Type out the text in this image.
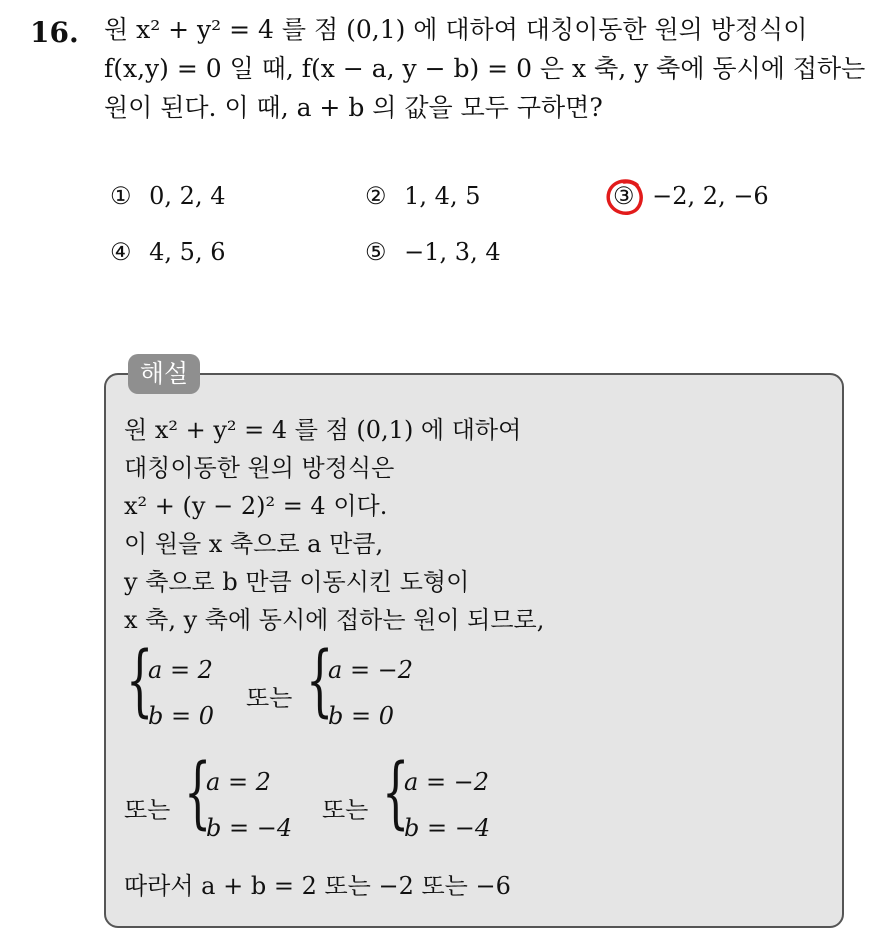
16. 원 x² + y² = 4 를 점 (0,1) 에 대하여 대칭이동한 원의 방정식이
f(x,y) = 0 일 때, f(x − a, y − b) = 0 은 x 축, y 축에 동시에 접하는
원이 된다. 이 때, a + b 의 값을 모두 구하면?
① 0, 2, 4	② 1, 4, 5	③ −2, 2, −6
④ 4, 5, 6	⑤ −1, 3, 4
해설
원 x² + y² = 4 를 점 (0,1) 에 대하여
대칭이동한 원의 방정식은
x² + (y − 2)² = 4 이다.
이 원을 x 축으로 a 만큼,
y 축으로 b 만큼 이동시킨 도형이
x 축, y 축에 동시에 접하는 원이 되므로,
{
a = 2
b = 0
또는 {
a = −2
b = 0
또는 {
a = 2
b = −4
또는 {
a = −2
b = −4
따라서 a + b = 2 또는 −2 또는 −6
